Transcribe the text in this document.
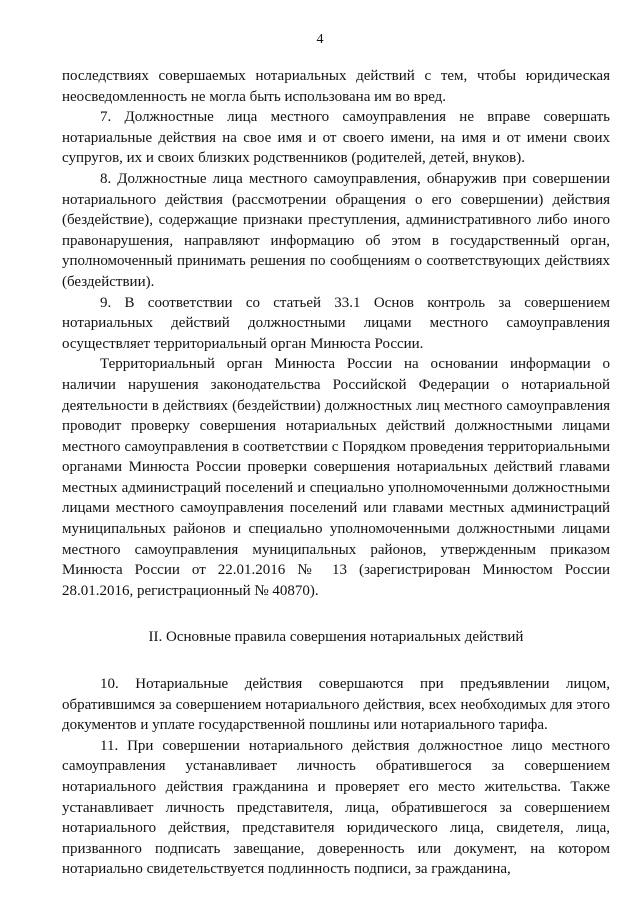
4

последствиях совершаемых нотариальных действий с тем, чтобы юридическая неосведомленность не могла быть использована им во вред.

7. Должностные лица местного самоуправления не вправе совершать нотариальные действия на свое имя и от своего имени, на имя и от имени своих супругов, их и своих близких родственников (родителей, детей, внуков).

8. Должностные лица местного самоуправления, обнаружив при совершении нотариального действия (рассмотрении обращения о его совершении) действия (бездействие), содержащие признаки преступления, административного либо иного правонарушения, направляют информацию об этом в государственный орган, уполномоченный принимать решения по сообщениям о соответствующих действиях (бездействии).

9. В соответствии со статьей 33.1 Основ контроль за совершением нотариальных действий должностными лицами местного самоуправления осуществляет территориальный орган Минюста России.

Территориальный орган Минюста России на основании информации о наличии нарушения законодательства Российской Федерации о нотариальной деятельности в действиях (бездействии) должностных лиц местного самоуправления проводит проверку совершения нотариальных действий должностными лицами местного самоуправления в соответствии с Порядком проведения территориальными органами Минюста России проверки совершения нотариальных действий главами местных администраций поселений и специально уполномоченными должностными лицами местного самоуправления поселений или главами местных администраций муниципальных районов и специально уполномоченными должностными лицами местного самоуправления муниципальных районов, утвержденным приказом Минюста России от 22.01.2016 № 13 (зарегистрирован Минюстом России 28.01.2016, регистрационный № 40870).

II. Основные правила совершения нотариальных действий

10. Нотариальные действия совершаются при предъявлении лицом, обратившимся за совершением нотариального действия, всех необходимых для этого документов и уплате государственной пошлины или нотариального тарифа.

11. При совершении нотариального действия должностное лицо местного самоуправления устанавливает личность обратившегося за совершением нотариального действия гражданина и проверяет его место жительства. Также устанавливает личность представителя, лица, обратившегося за совершением нотариального действия, представителя юридического лица, свидетеля, лица, призванного подписать завещание, доверенность или документ, на котором нотариально свидетельствуется подлинность подписи, за гражданина,
